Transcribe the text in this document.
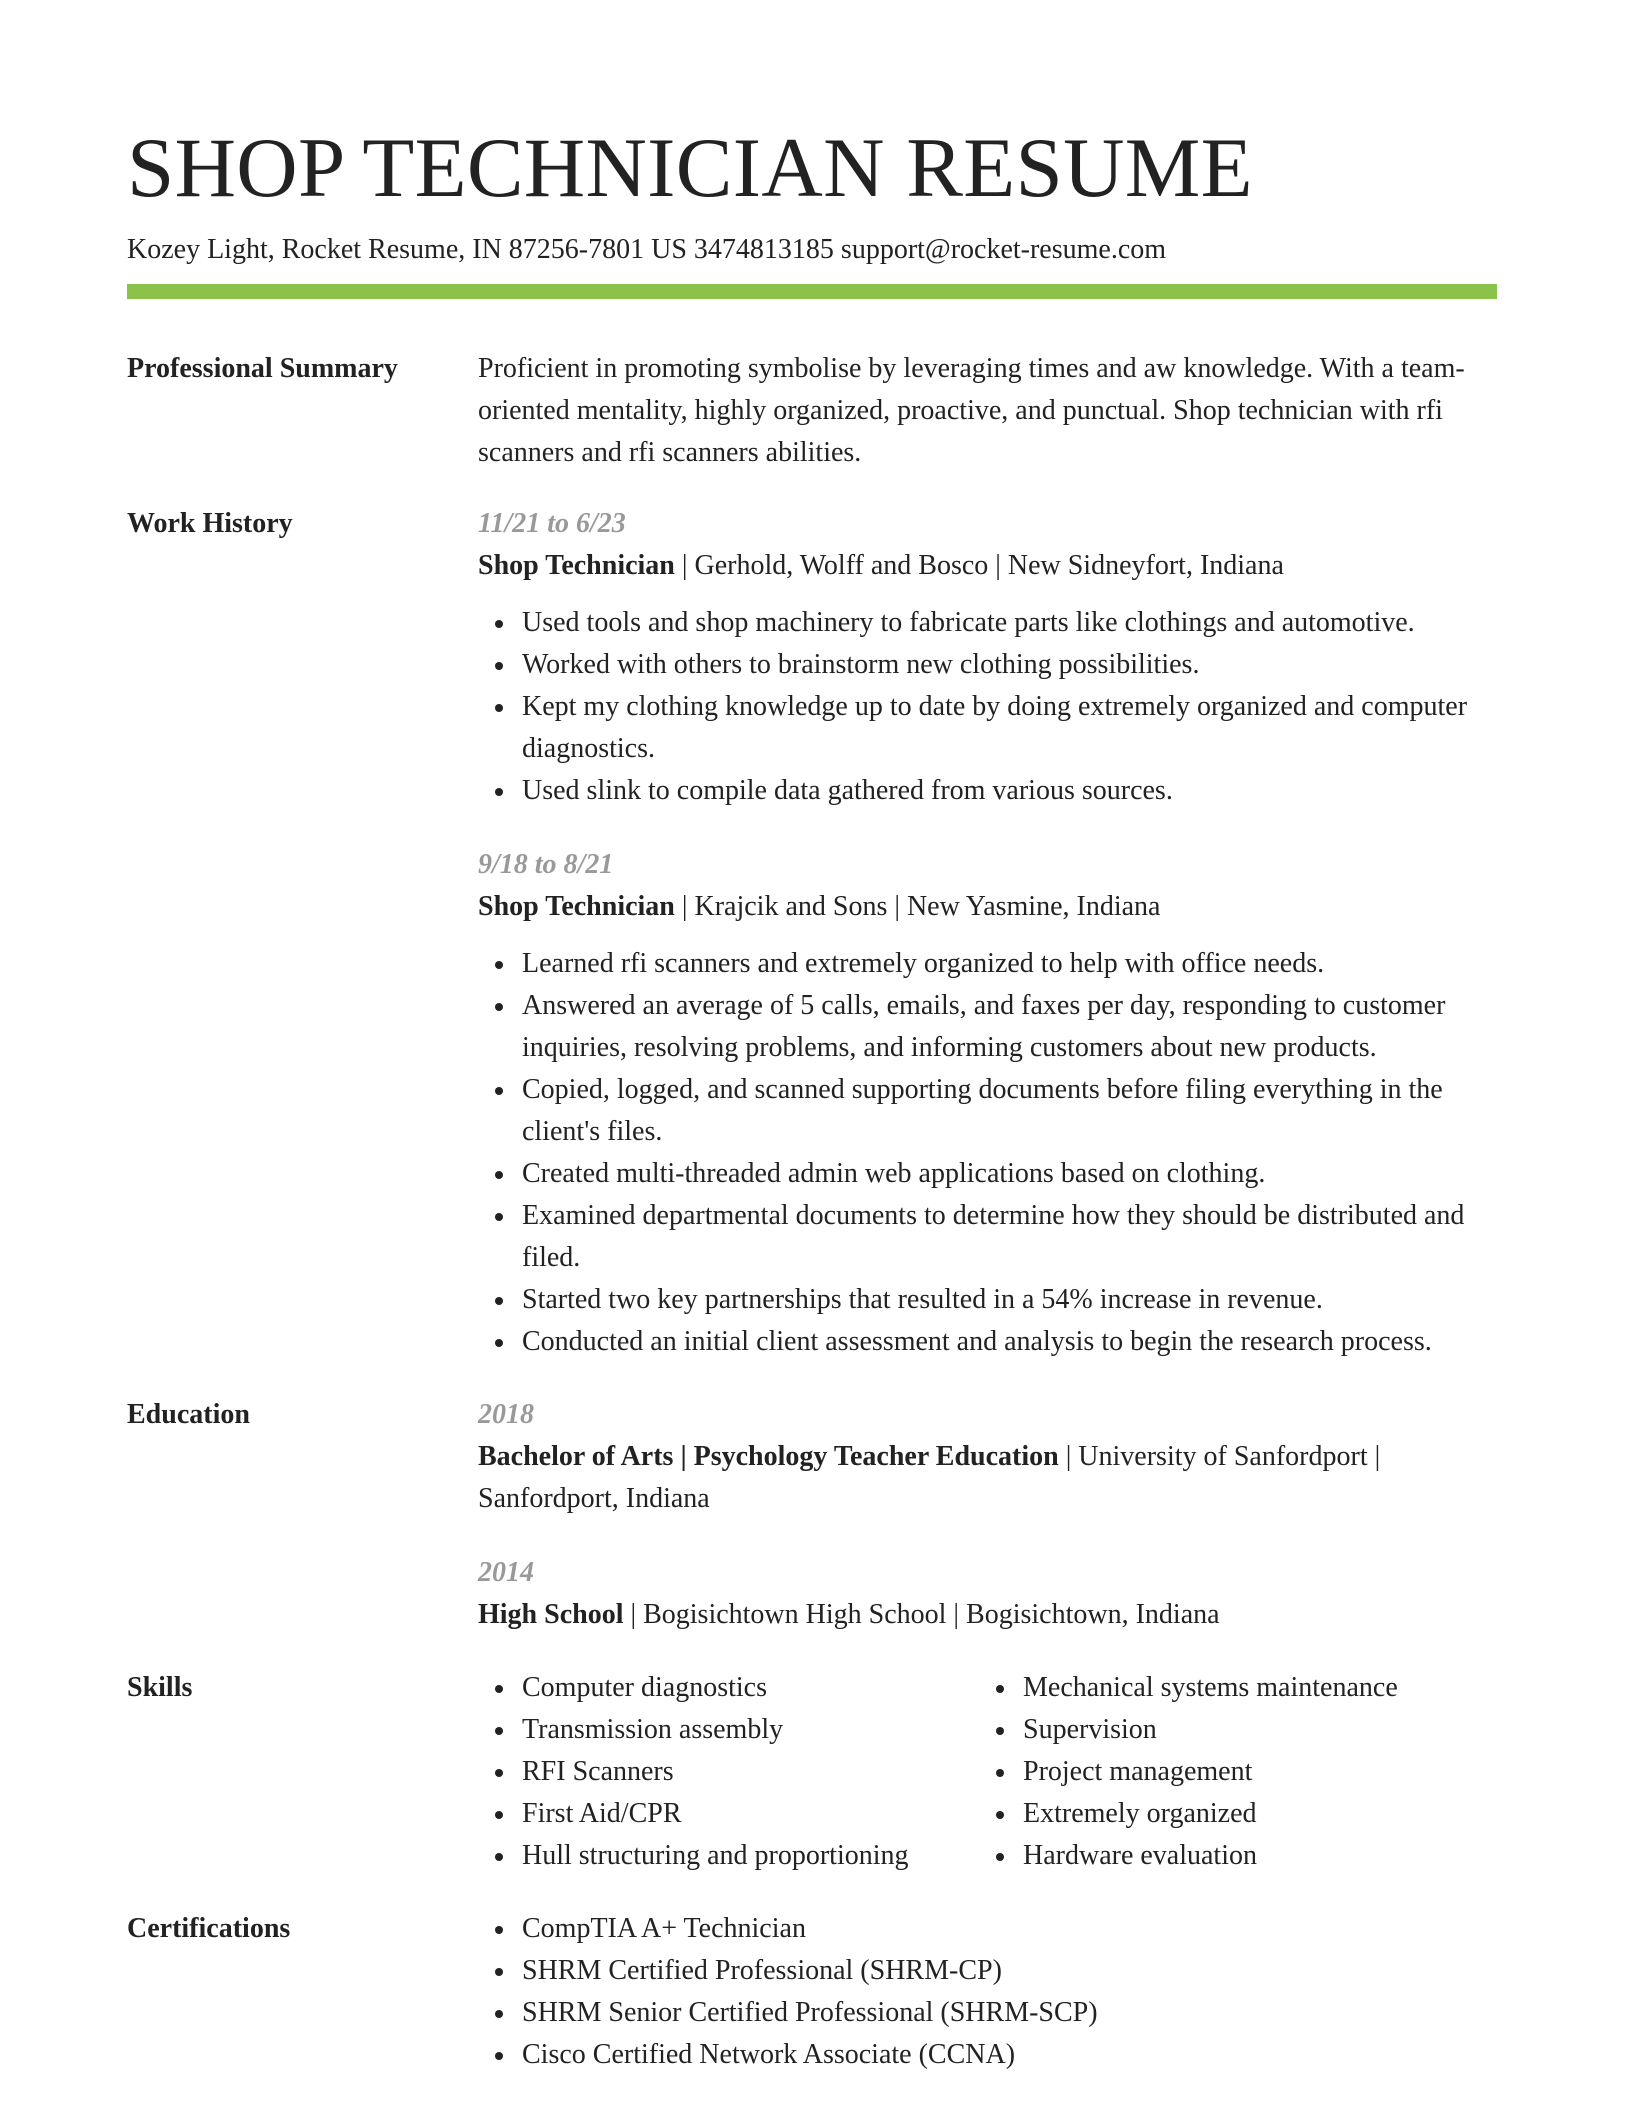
SHOP TECHNICIAN RESUME
Kozey Light, Rocket Resume, IN 87256-7801 US 3474813185 support@rocket-resume.com
Professional Summary	Proficient in promoting symbolise by leveraging times and aw knowledge. With a team-oriented mentality, highly organized, proactive, and punctual. Shop technician with rfi scanners and rfi scanners abilities.

Work History	11/21 to 6/23
Shop Technician | Gerhold, Wolff and Bosco | New Sidneyfort, Indiana
Used tools and shop machinery to fabricate parts like clothings and automotive.
Worked with others to brainstorm new clothing possibilities.
Kept my clothing knowledge up to date by doing extremely organized and computer diagnostics.
Used slink to compile data gathered from various sources.
9/18 to 8/21
Shop Technician | Krajcik and Sons | New Yasmine, Indiana
Learned rfi scanners and extremely organized to help with office needs.
Answered an average of 5 calls, emails, and faxes per day, responding to customer inquiries, resolving problems, and informing customers about new products.
Copied, logged, and scanned supporting documents before filing everything in the client's files.
Created multi-threaded admin web applications based on clothing.
Examined departmental documents to determine how they should be distributed and filed.
Started two key partnerships that resulted in a 54% increase in revenue.
Conducted an initial client assessment and analysis to begin the research process.
Education	2018
Bachelor of Arts | Psychology Teacher Education | University of Sanfordport | Sanfordport, Indiana
2014
High School | Bogisichtown High School | Bogisichtown, Indiana
Skills	Computer diagnostics
Transmission assembly
RFI Scanners
First Aid/CPR
Hull structuring and proportioning
Mechanical systems maintenance
Supervision
Project management
Extremely organized
Hardware evaluation
Certifications	CompTIA A+ Technician
SHRM Certified Professional (SHRM-CP)
SHRM Senior Certified Professional (SHRM-SCP)
Cisco Certified Network Associate (CCNA)
